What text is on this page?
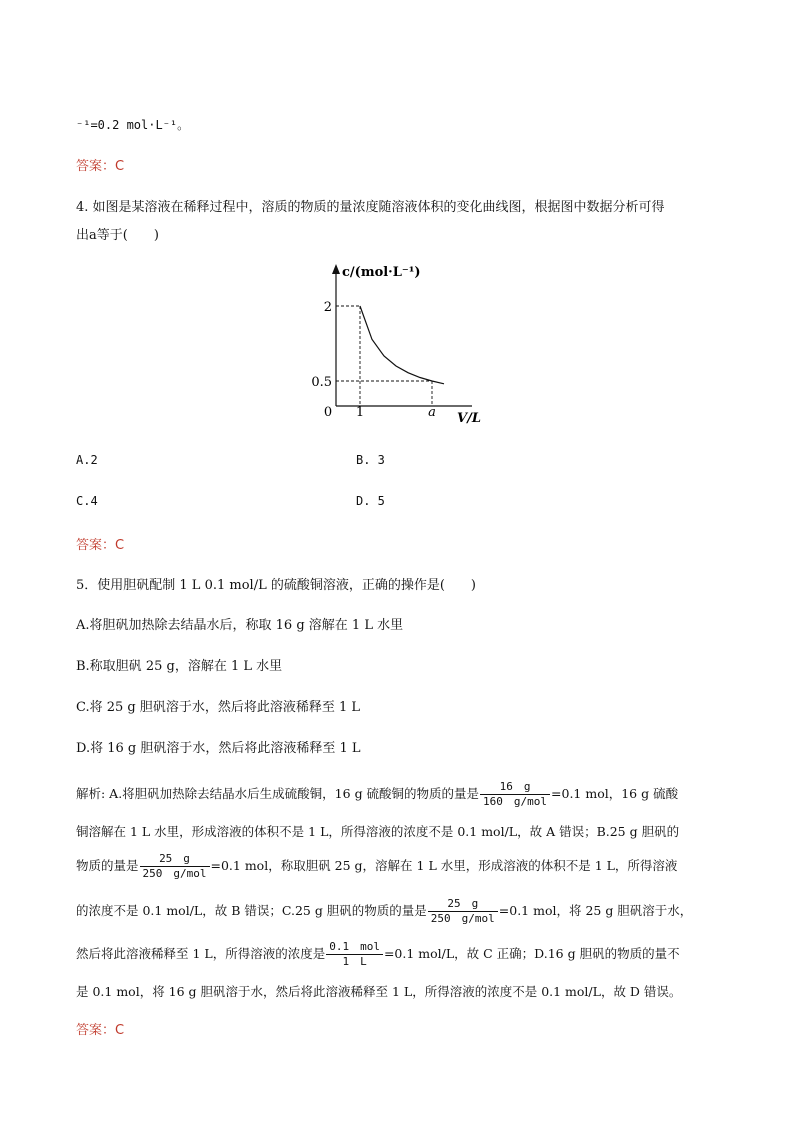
⁻¹=0.2 mol·L⁻¹。
答案：C
4. 如图是某溶液在稀释过程中，溶质的物质的量浓度随溶液体积的变化曲线图，根据图中数据分析可得
出a等于(　　)
c/(mol·L⁻¹)
V/L
0 1	a
2
0.5
A.2	B. 3
C.4	D. 5
答案：C
5．使用胆矾配制 1 L 0.1 mol/L 的硫酸铜溶液，正确的操作是(　　)
A.将胆矾加热除去结晶水后，称取 16 g 溶解在 1 L 水里
B.称取胆矾 25 g，溶解在 1 L 水里
C.将 25 g 胆矾溶于水，然后将此溶液稀释至 1 L
D.将 16 g 胆矾溶于水，然后将此溶液稀释至 1 L
解析: A.将胆矾加热除去结晶水后生成硫酸铜，16 g 硫酸铜的物质的量是 $\frac{16 g}{\text{160　g/mol}} =0.1$ mol，16 g 硫酸
铜溶解在 1 L 水里，形成溶液的体积不是 1 L，所得溶液的浓度不是 0.1 mol/L，故 A 错误；B.25 g 胆矾的
物质的量是 $\frac{25 g}{\text{250　g/mol}} =0.1$ mol，称取胆矾 25 g，溶解在 1 L 水里，形成溶液的体积不是 1 L，所得溶液
的浓度不是 0.1 mol/L，故 B 错误；C.25 g 胆矾的物质的量是 $\frac{25 g}{\text{250　g/mol}} =0.1$ mol，将 25 g 胆矾溶于水，
然后将此溶液稀释至 1 L，所得溶液的浓度是 $\frac{\text{0.1　mol}}{1 L} =0.1$ mol/L，故 C 正确；D.16 g 胆矾的物质的量不
是 0.1 mol，将 16 g 胆矾溶于水，然后将此溶液稀释至 1 L，所得溶液的浓度不是 0.1 mol/L，故 D 错误。
答案：C
